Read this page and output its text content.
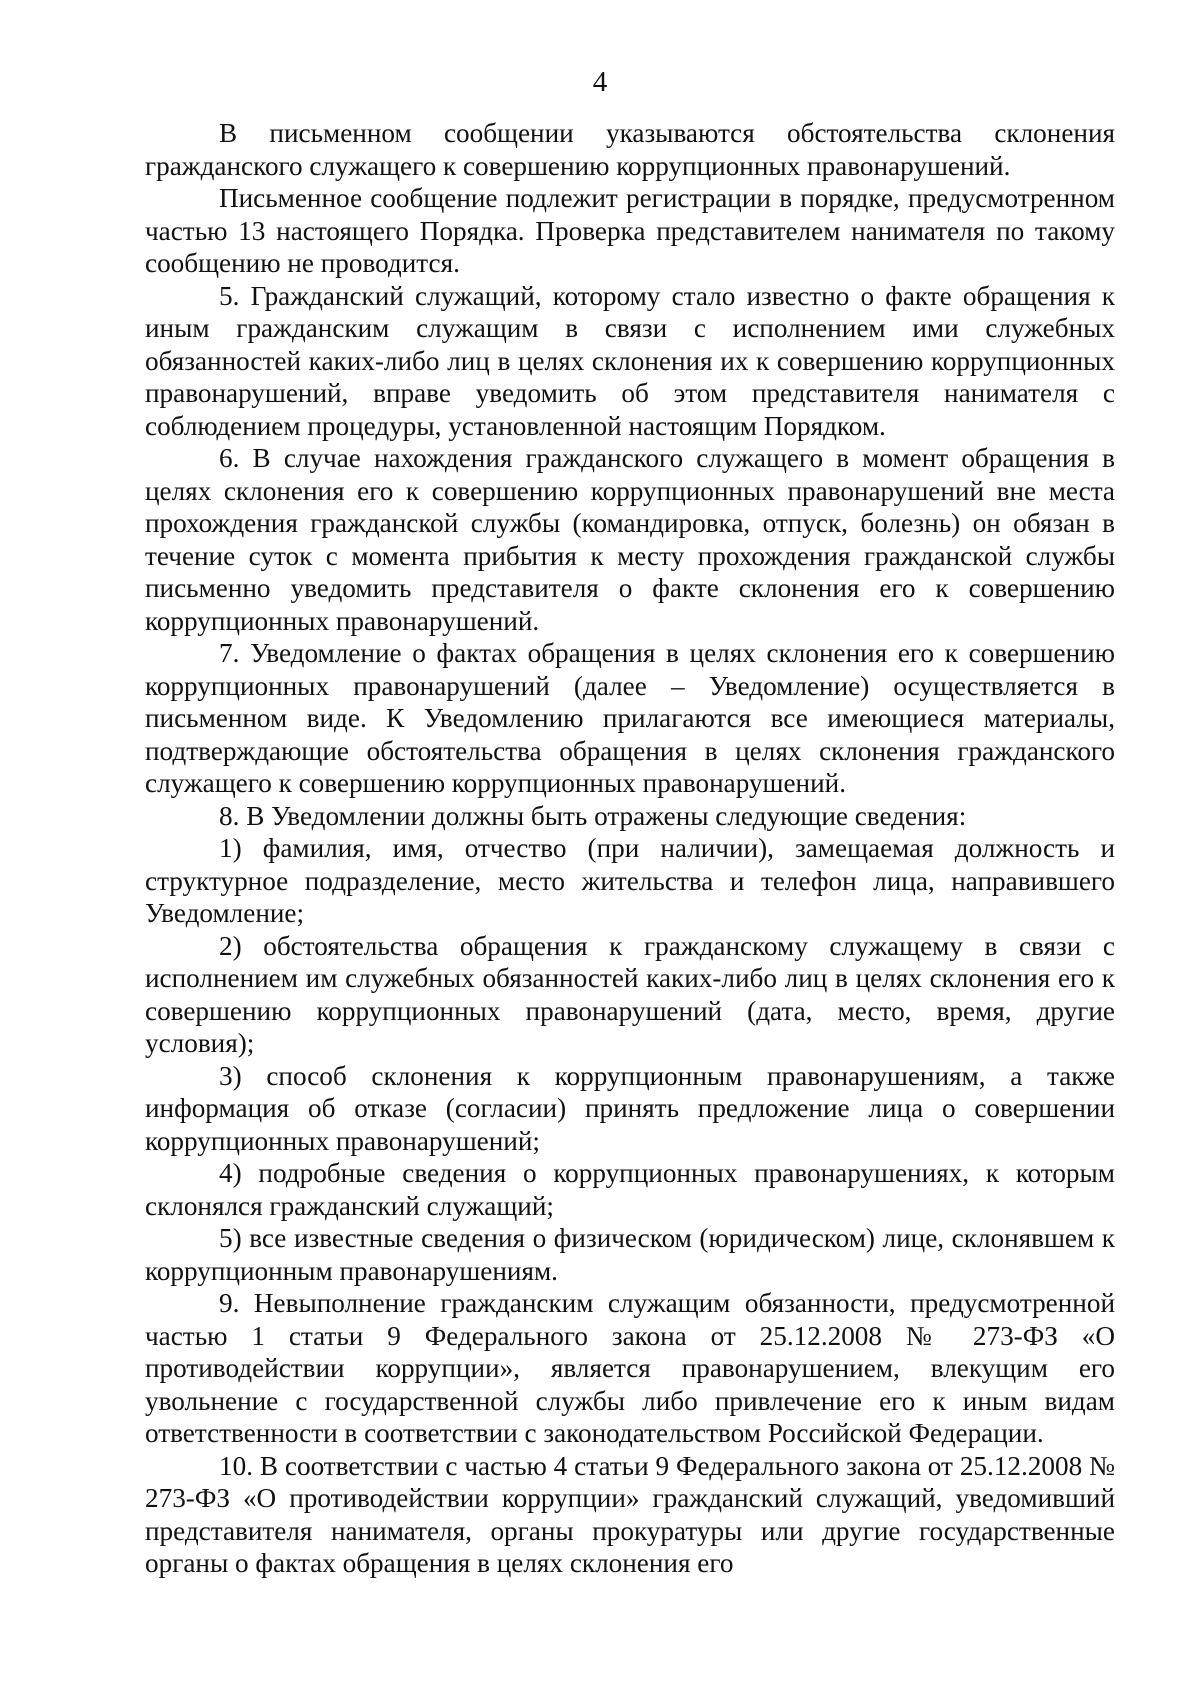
4

В письменном сообщении указываются обстоятельства склонения гражданского служащего к совершению коррупционных правонарушений.

Письменное сообщение подлежит регистрации в порядке, предусмотренном частью 13 настоящего Порядка. Проверка представителем нанимателя по такому сообщению не проводится.

5. Гражданский служащий, которому стало известно о факте обращения к иным гражданским служащим в связи с исполнением ими служебных обязанностей каких-либо лиц в целях склонения их к совершению коррупционных правонарушений, вправе уведомить об этом представителя нанимателя с соблюдением процедуры, установленной настоящим Порядком.

6. В случае нахождения гражданского служащего в момент обращения в целях склонения его к совершению коррупционных правонарушений вне места прохождения гражданской службы (командировка, отпуск, болезнь) он обязан в течение суток с момента прибытия к месту прохождения гражданской службы письменно уведомить представителя о факте склонения его к совершению коррупционных правонарушений.

7. Уведомление о фактах обращения в целях склонения его к совершению коррупционных правонарушений (далее – Уведомление) осуществляется в письменном виде. К Уведомлению прилагаются все имеющиеся материалы, подтверждающие обстоятельства обращения в целях склонения гражданского служащего к совершению коррупционных правонарушений.

8. В Уведомлении должны быть отражены следующие сведения:

1) фамилия, имя, отчество (при наличии), замещаемая должность и структурное подразделение, место жительства и телефон лица, направившего Уведомление;

2) обстоятельства обращения к гражданскому служащему в связи с исполнением им служебных обязанностей каких-либо лиц в целях склонения его к совершению коррупционных правонарушений (дата, место, время, другие условия);

3) способ склонения к коррупционным правонарушениям, а также информация об отказе (согласии) принять предложение лица о совершении коррупционных правонарушений;

4) подробные сведения о коррупционных правонарушениях, к которым склонялся гражданский служащий;

5) все известные сведения о физическом (юридическом) лице, склонявшем к коррупционным правонарушениям.

9. Невыполнение гражданским служащим обязанности, предусмотренной частью 1 статьи 9 Федерального закона от 25.12.2008 № 273-ФЗ «О противодействии коррупции», является правонарушением, влекущим его увольнение с государственной службы либо привлечение его к иным видам ответственности в соответствии с законодательством Российской Федерации.

10. В соответствии с частью 4 статьи 9 Федерального закона от 25.12.2008 № 273-ФЗ «О противодействии коррупции» гражданский служащий, уведомивший представителя нанимателя, органы прокуратуры или другие государственные органы о фактах обращения в целях склонения его
